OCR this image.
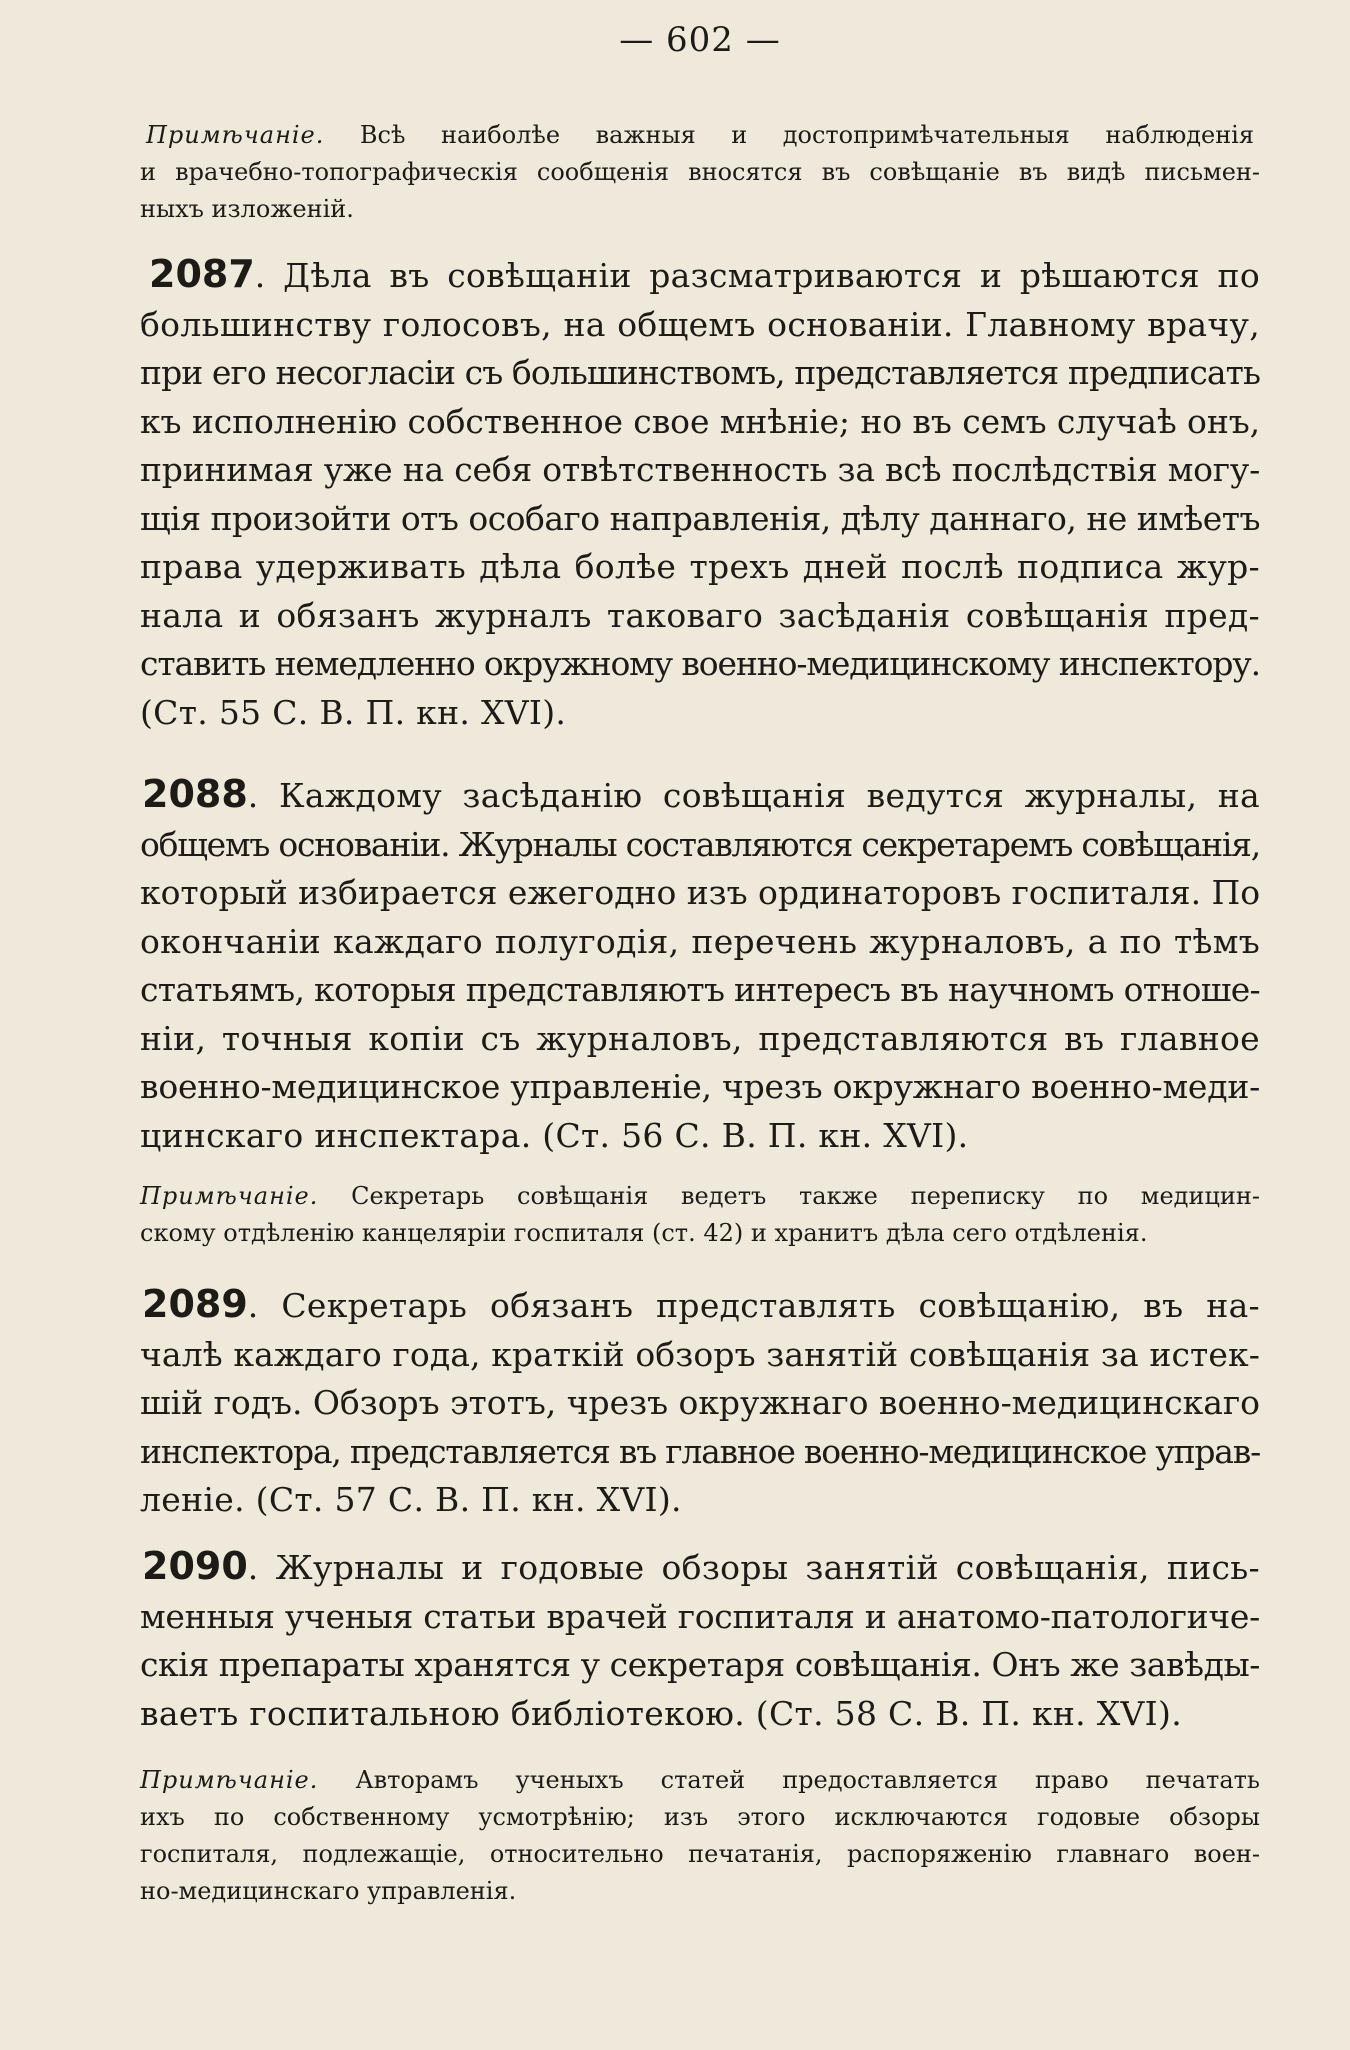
— 602 —
Примѣчаніе. Всѣ наиболѣе важныя и достопримѣчательныя наблюденія
и врачебно-топографическія сообщенія вносятся въ совѣщаніе въ видѣ письмен-
ныхъ изложеній.
2087. Дѣла въ совѣщаніи разсматриваются и рѣшаются по
большинству голосовъ, на общемъ основаніи. Главному врачу,
при его несогласіи съ большинствомъ, представляется предписать
къ исполненію собственное свое мнѣніе; но въ семъ случаѣ онъ,
принимая уже на себя отвѣтственность за всѣ послѣдствія могу-
щія произойти отъ особаго направленія, дѣлу даннаго, не имѣетъ
права удерживать дѣла болѣе трехъ дней послѣ подписа жур-
нала и обязанъ журналъ таковаго засѣданія совѣщанія пред-
ставить немедленно окружному военно-медицинскому инспектору.
(Ст. 55 С. В. П. кн. XVI).
2088. Каждому засѣданію совѣщанія ведутся журналы, на
общемъ основаніи. Журналы составляются секретаремъ совѣщанія,
который избирается ежегодно изъ ординаторовъ госпиталя. По
окончаніи каждаго полугодія, перечень журналовъ, а по тѣмъ
статьямъ, которыя представляютъ интересъ въ научномъ отноше-
ніи, точныя копіи съ журналовъ, представляются въ главное
военно-медицинское управленіе, чрезъ окружнаго военно-меди-
цинскаго инспектара. (Ст. 56 С. В. П. кн. XVI).
Примѣчаніе. Секретарь совѣщанія ведетъ также переписку по медицин-
скому отдѣленію канцеляріи госпиталя (ст. 42) и хранитъ дѣла сего отдѣленія.
2089. Секретарь обязанъ представлять совѣщанію, въ на-
чалѣ каждаго года, краткій обзоръ занятій совѣщанія за истек-
шій годъ. Обзоръ этотъ, чрезъ окружнаго военно-медицинскаго
инспектора, представляется въ главное военно-медицинское управ-
леніе. (Ст. 57 С. В. П. кн. XVI).
2090. Журналы и годовые обзоры занятій совѣщанія, пись-
менныя ученыя статьи врачей госпиталя и анатомо-патологиче-
скія препараты хранятся у секретаря совѣщанія. Онъ же завѣды-
ваетъ госпитальною библіотекою. (Ст. 58 С. В. П. кн. XVI).
Примѣчаніе. Авторамъ ученыхъ статей предоставляется право печатать
ихъ по собственному усмотрѣнію; изъ этого исключаются годовые обзоры
госпиталя, подлежащіе, относительно печатанія, распоряженію главнаго воен-
но-медицинскаго управленія.
